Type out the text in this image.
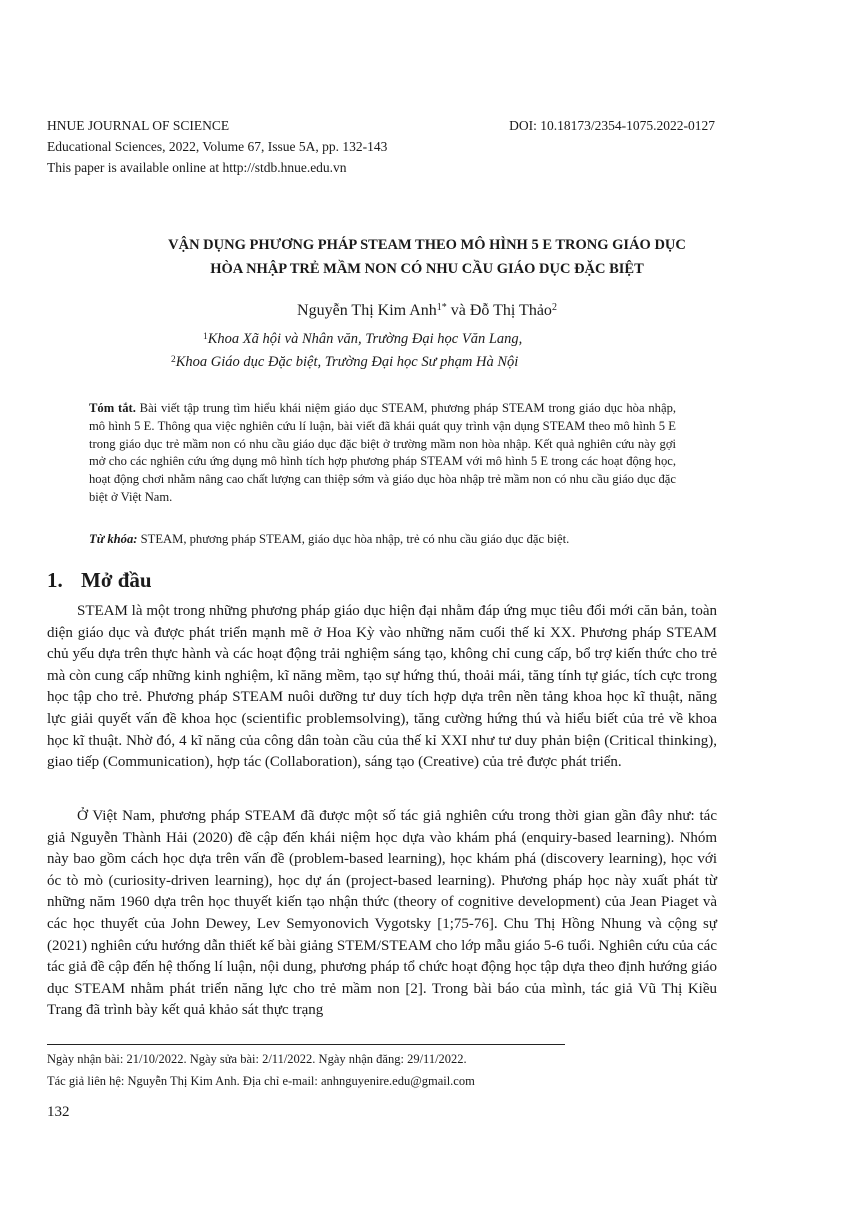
HNUE JOURNAL OF SCIENCE	DOI: 10.18173/2354-1075.2022-0127
Educational Sciences, 2022, Volume 67, Issue 5A, pp. 132-143
This paper is available online at http://stdb.hnue.edu.vn
VẬN DỤNG PHƯƠNG PHÁP STEAM THEO MÔ HÌNH 5 E TRONG GIÁO DỤC
HÒA NHẬP TRẺ MẦM NON CÓ NHU CẦU GIÁO DỤC ĐẶC BIỆT
Nguyễn Thị Kim Anh$^{1*}$ và Đỗ Thị Thảo$^2$
$^1$Khoa Xã hội và Nhân văn, Trường Đại học Văn Lang,
$^2$Khoa Giáo dục Đặc biệt, Trường Đại học Sư phạm Hà Nội
Tóm tắt. Bài viết tập trung tìm hiểu khái niệm giáo dục STEAM, phương pháp STEAM trong giáo dục hòa nhập, mô hình 5 E. Thông qua việc nghiên cứu lí luận, bài viết đã khái quát quy trình vận dụng STEAM theo mô hình 5 E trong giáo dục trẻ mầm non có nhu cầu giáo dục đặc biệt ở trường mầm non hòa nhập. Kết quả nghiên cứu này gợi mở cho các nghiên cứu ứng dụng mô hình tích hợp phương pháp STEAM với mô hình 5 E trong các hoạt động học, hoạt động chơi nhằm nâng cao chất lượng can thiệp sớm và giáo dục hòa nhập trẻ mầm non có nhu cầu giáo dục đặc biệt ở Việt Nam.
Từ khóa: STEAM, phương pháp STEAM, giáo dục hòa nhập, trẻ có nhu cầu giáo dục đặc biệt.
1. Mở đầu

STEAM là một trong những phương pháp giáo dục hiện đại nhằm đáp ứng mục tiêu đổi mới căn bản, toàn diện giáo dục và được phát triển mạnh mẽ ở Hoa Kỳ vào những năm cuối thế kỉ XX. Phương pháp STEAM chủ yếu dựa trên thực hành và các hoạt động trải nghiệm sáng tạo, không chỉ cung cấp, bổ trợ kiến thức cho trẻ mà còn cung cấp những kinh nghiệm, kĩ năng mềm, tạo sự hứng thú, thoải mái, tăng tính tự giác, tích cực trong học tập cho trẻ. Phương pháp STEAM nuôi dưỡng tư duy tích hợp dựa trên nền tảng khoa học kĩ thuật, năng lực giải quyết vấn đề khoa học (scientific problemsolving), tăng cường hứng thú và hiểu biết của trẻ về khoa học kĩ thuật. Nhờ đó, 4 kĩ năng của công dân toàn cầu của thế kỉ XXI như tư duy phản biện (Critical thinking), giao tiếp (Communication), hợp tác (Collaboration), sáng tạo (Creative) của trẻ được phát triển.

Ở Việt Nam, phương pháp STEAM đã được một số tác giả nghiên cứu trong thời gian gần đây như: tác giả Nguyễn Thành Hải (2020) đề cập đến khái niệm học dựa vào khám phá (enquiry-based learning). Nhóm này bao gồm cách học dựa trên vấn đề (problem-based learning), học khám phá (discovery learning), học với óc tò mò (curiosity-driven learning), học dự án (project-based learning). Phương pháp học này xuất phát từ những năm 1960 dựa trên học thuyết kiến tạo nhận thức (theory of cognitive development) của Jean Piaget và các học thuyết của John Dewey, Lev Semyonovich Vygotsky [1;75-76]. Chu Thị Hồng Nhung và cộng sự (2021) nghiên cứu hướng dẫn thiết kế bài giảng STEM/STEAM cho lớp mẫu giáo 5-6 tuổi. Nghiên cứu của các tác giả đề cập đến hệ thống lí luận, nội dung, phương pháp tổ chức hoạt động học tập dựa theo định hướng giáo dục STEAM nhằm phát triển năng lực cho trẻ mầm non [2]. Trong bài báo của mình, tác giả Vũ Thị Kiều Trang đã trình bày kết quả khảo sát thực trạng

Ngày nhận bài: 21/10/2022. Ngày sửa bài: 2/11/2022. Ngày nhận đăng: 29/11/2022.
Tác giả liên hệ: Nguyễn Thị Kim Anh. Địa chỉ e-mail: anhnguyenire.edu@gmail.com
132
